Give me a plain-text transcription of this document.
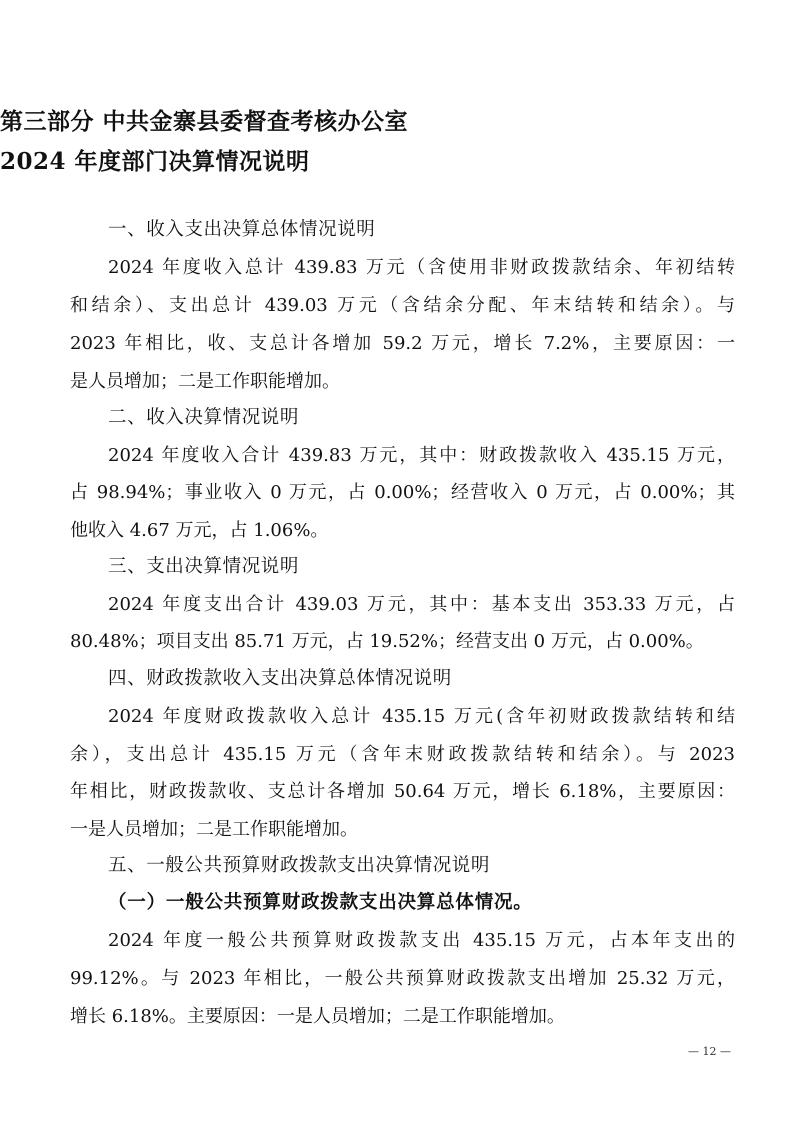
第三部分 中共金寨县委督查考核办公室
2024 年度部门决算情况说明
一、收入支出决算总体情况说明
2024 年度收入总计 439.83 万元（含使用非财政拨款结余、年初结转
和结余）、支出总计 439.03 万元（含结余分配、年末结转和结余）。与
2023 年相比，收、支总计各增加 59.2 万元，增长 7.2%，主要原因：一
是人员增加；二是工作职能增加。
二、收入决算情况说明
2024 年度收入合计 439.83 万元，其中：财政拨款收入 435.15 万元，
占 98.94%；事业收入 0 万元，占 0.00%；经营收入 0 万元，占 0.00%；其
他收入 4.67 万元，占 1.06%。
三、支出决算情况说明
2024 年度支出合计 439.03 万元，其中：基本支出 353.33 万元，占
80.48%；项目支出 85.71 万元，占 19.52%；经营支出 0 万元，占 0.00%。
四、财政拨款收入支出决算总体情况说明
2024 年度财政拨款收入总计 435.15 万元(含年初财政拨款结转和结
余），支出总计 435.15 万元（含年末财政拨款结转和结余）。与 2023
年相比，财政拨款收、支总计各增加 50.64 万元，增长 6.18%，主要原因：
一是人员增加；二是工作职能增加。
五、一般公共预算财政拨款支出决算情况说明
（一）一般公共预算财政拨款支出决算总体情况。
2024 年度一般公共预算财政拨款支出 435.15 万元，占本年支出的
99.12%。与 2023 年相比，一般公共预算财政拨款支出增加 25.32 万元，
增长 6.18%。主要原因：一是人员增加；二是工作职能增加。
— 12 —
